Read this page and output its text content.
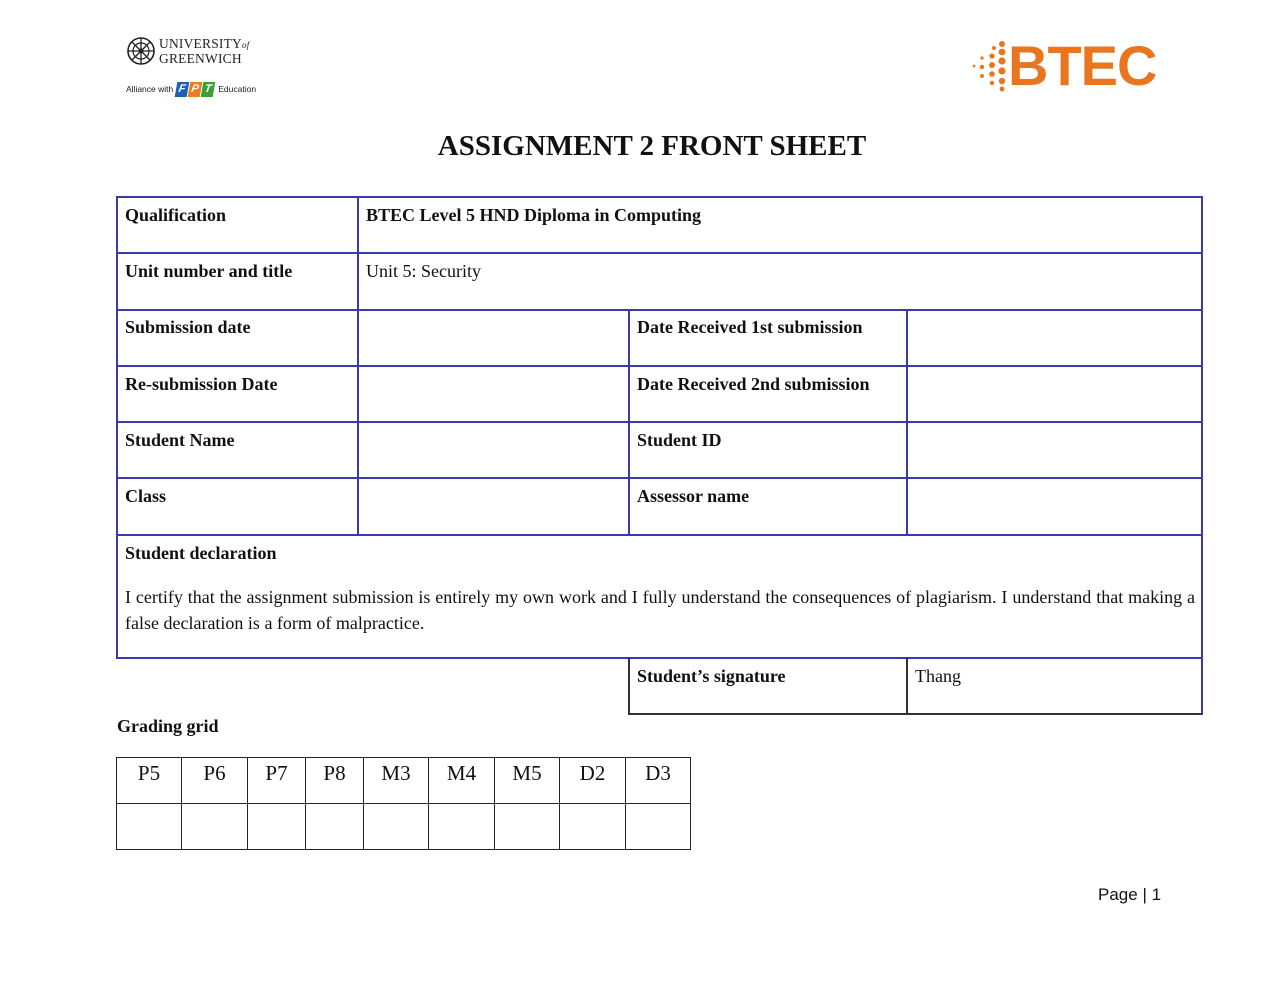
UNIVERSITYof
GREENWICH
Alliance with F P T Education	BTEC
ASSIGNMENT 2 FRONT SHEET
Qualification	BTEC Level 5 HND Diploma in Computing
Unit number and title	Unit 5: Security
Submission date	Date Received 1st submission
Re-submission Date	Date Received 2nd submission
Student Name	Student ID
Class	Assessor name
Student declaration
I certify that the assignment submission is entirely my own work and I fully understand the consequences of plagiarism. I understand that making a false declaration is a form of malpractice.
Student’s signature	Thang
Grading grid
P5	P6	P7	P8	M3	M4	M5	D2	D3

Page | 1
